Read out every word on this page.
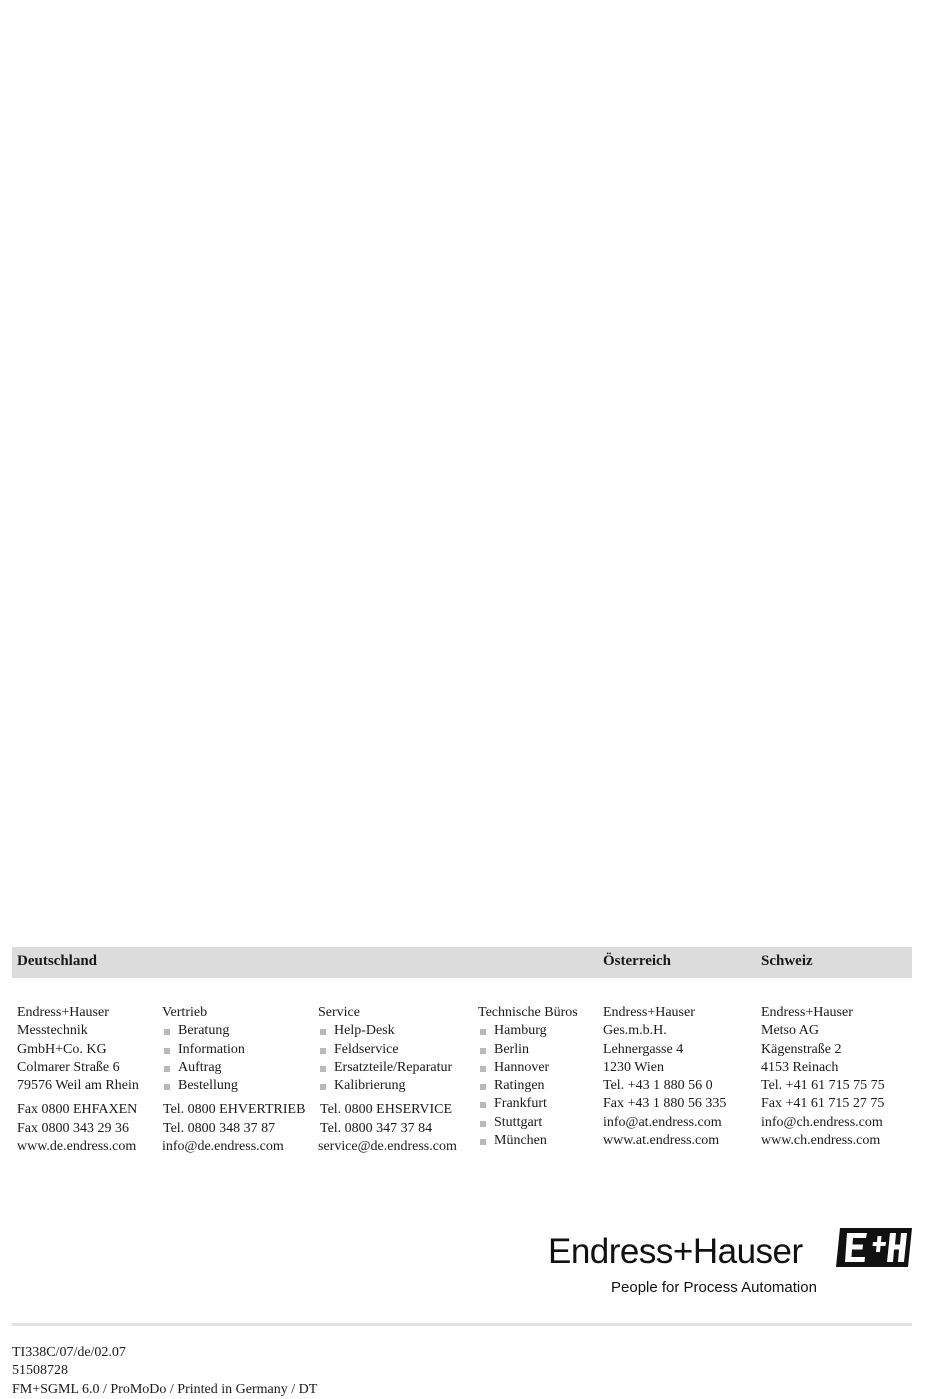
Deutschland	Österreich	Schweiz
Endress+Hauser
Messtechnik
GmbH+Co. KG
Colmarer Straße 6
79576 Weil am Rhein
Fax 0800 EHFAXEN
Fax 0800 343 29 36
www.de.endress.com
Vertrieb
Beratung
Information
Auftrag
Bestellung
Tel. 0800 EHVERTRIEB
Tel. 0800 348 37 87
info@de.endress.com
Service
Help-Desk
Feldservice
Ersatzteile/Reparatur
Kalibrierung
Tel. 0800 EHSERVICE
Tel. 0800 347 37 84
service@de.endress.com
Technische Büros
Hamburg
Berlin
Hannover
Ratingen
Frankfurt
Stuttgart
München
Endress+Hauser
Ges.m.b.H.
Lehnergasse 4
1230 Wien
Tel. +43 1 880 56 0
Fax +43 1 880 56 335
info@at.endress.com
www.at.endress.com
Endress+Hauser
Metso AG
Kägenstraße 2
4153 Reinach
Tel. +41 61 715 75 75
Fax +41 61 715 27 75
info@ch.endress.com
www.ch.endress.com
Endress+Hauser
People for Process Automation
TI338C/07/de/02.07
51508728
FM+SGML 6.0 / ProMoDo / Printed in Germany / DT
